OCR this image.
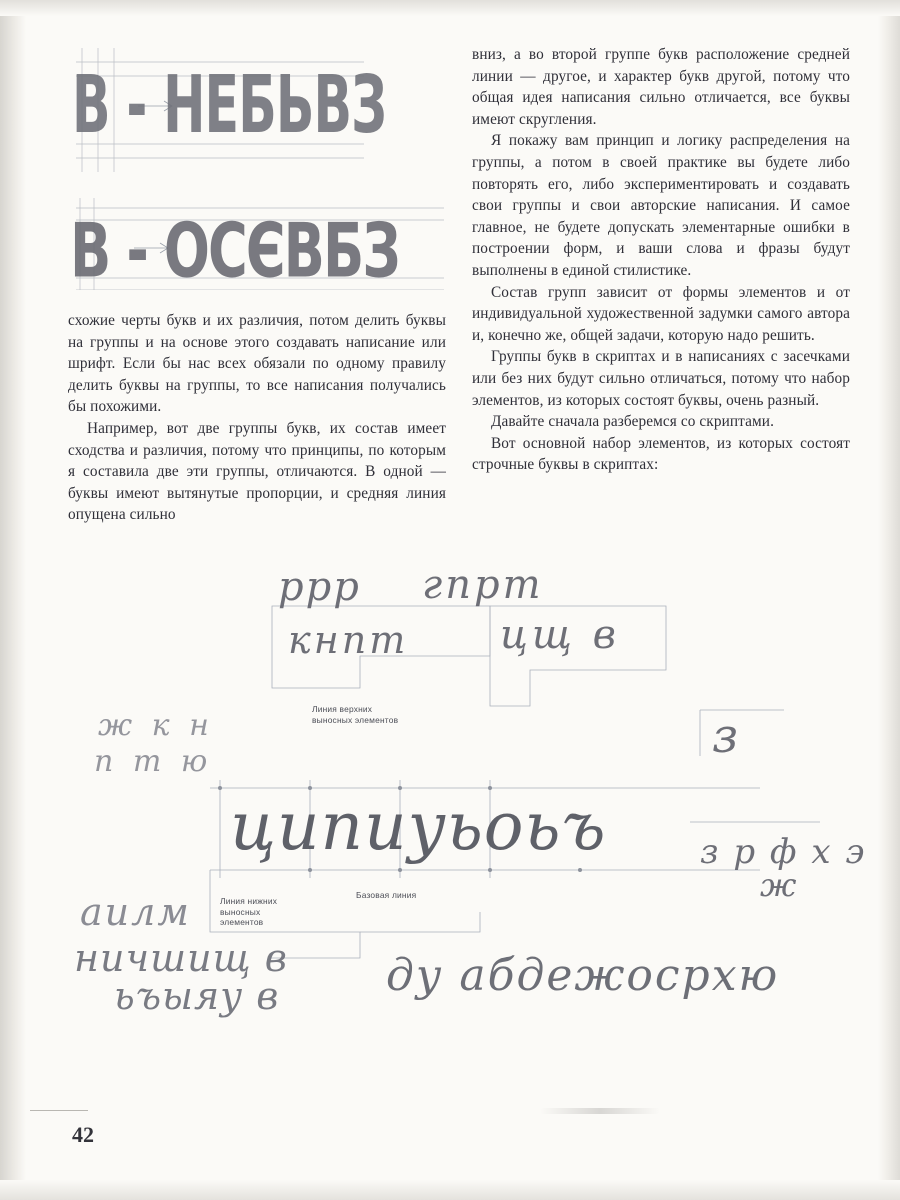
В - НЕБЬВЗ
В - ОСЄВБЗ

схожие черты букв и их различия, потом делить буквы на группы и на основе этого создавать написание или шрифт. Если бы нас всех обязали по одному правилу делить буквы на группы, то все написания получались бы похожими.

Например, вот две группы букв, их состав имеет сходства и различия, потому что принципы, по которым я составила две эти группы, отличаются. В одной — буквы имеют вытянутые пропорции, и средняя линия опущена сильно

вниз, а во второй группе букв расположение средней линии — другое, и характер букв другой, потому что общая идея написания сильно отличается, все буквы имеют скругления.

Я покажу вам принцип и логику распределения на группы, а потом в своей практике вы будете либо повторять его, либо экспериментировать и создавать свои группы и свои авторские написания. И самое главное, не будете допускать элементарные ошибки в построении форм, и ваши слова и фразы будут выполнены в единой стилистике.

Состав групп зависит от формы элементов и от индивидуальной художественной задумки самого автора и, конечно же, общей задачи, которую надо решить.

Группы букв в скриптах и в написаниях с засечками или без них будут сильно отличаться, потому что набор элементов, из которых состоят буквы, очень разный.

Давайте сначала разберемся со скриптами.

Вот основной набор элементов, из которых состоят строчные буквы в скриптах:

ррр гпрт
кнпт цщ в
ж к н
п т ю	з
ципиуьоьъ	з р ф х э
ж
аилм
ничшищ в
ьъыяу в ду абдежосрхю
Линия верхних выносных элементов
Линия нижних выносных элементов
Базовая линия
42
